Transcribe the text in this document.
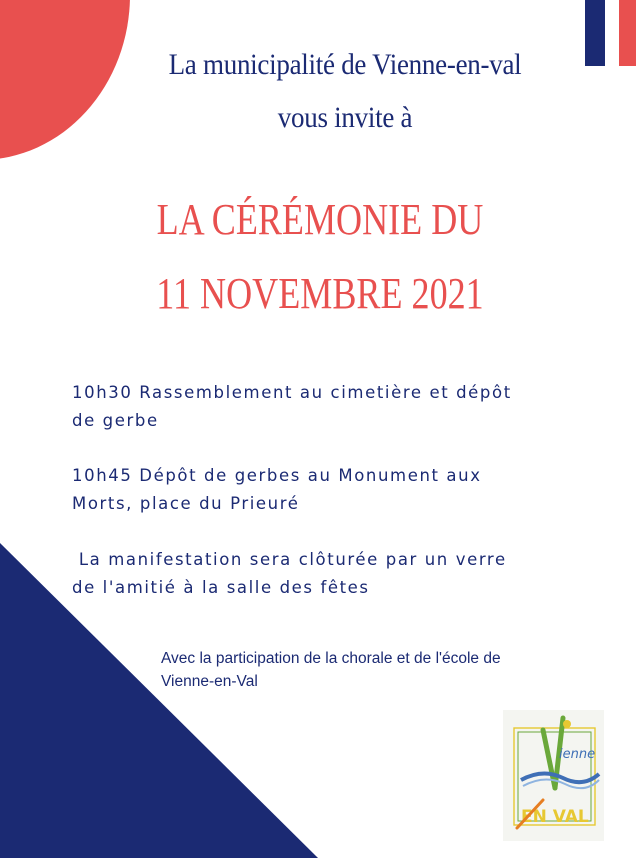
La municipalité de Vienne-en-val
vous invite à
LA CÉRÉMONIE DU
11 NOVEMBRE 2021
10h30 Rassemblement au cimetière et dépôt
de gerbe
10h45 Dépôt de gerbes au Monument aux
Morts, place du Prieuré
La manifestation sera clôturée par un verre
de l'amitié à la salle des fêtes
Avec la participation de la chorale et de l'école de
Vienne-en-Val
ienne
EN VAL
